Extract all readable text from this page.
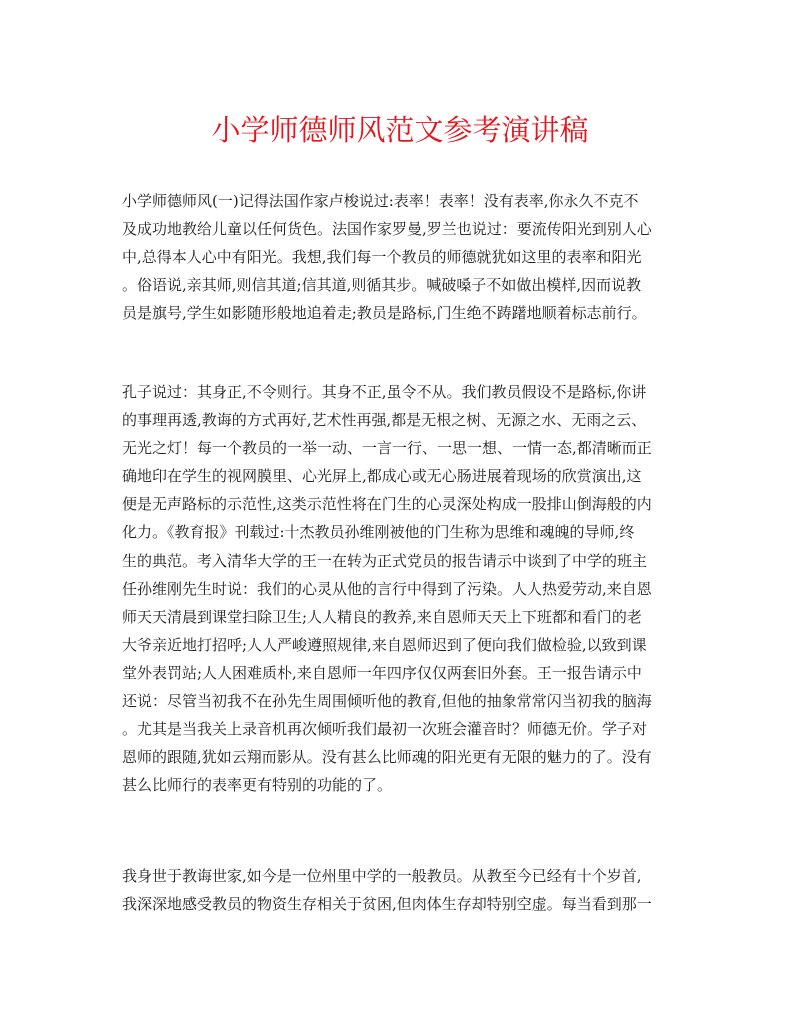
小学师德师风范文参考演讲稿
小学师德师风(一)记得法国作家卢梭说过:表率！表率！没有表率,你永久不克不
及成功地教给儿童以任何货色。法国作家罗曼,罗兰也说过：要流传阳光到别人心
中,总得本人心中有阳光。我想,我们每一个教员的师德就犹如这里的表率和阳光
。俗语说,亲其师,则信其道;信其道,则循其步。喊破嗓子不如做出模样,因而说教
员是旗号,学生如影随形般地追着走;教员是路标,门生绝不踌躇地顺着标志前行。
孔子说过：其身正,不令则行。其身不正,虽令不从。我们教员假设不是路标,你讲
的事理再透,教诲的方式再好,艺术性再强,都是无根之树、无源之水、无雨之云、
无光之灯！每一个教员的一举一动、一言一行、一思一想、一情一态,都清晰而正
确地印在学生的视网膜里、心光屏上,都成心或无心肠进展着现场的欣赏演出,这
便是无声路标的示范性,这类示范性将在门生的心灵深处构成一股排山倒海般的内
化力。《教育报》刊载过:十杰教员孙维刚被他的门生称为思维和魂魄的导师,终
生的典范。考入清华大学的王一在转为正式党员的报告请示中谈到了中学的班主
任孙维刚先生时说：我们的心灵从他的言行中得到了污染。人人热爱劳动,来自恩
师天天清晨到课堂扫除卫生;人人精良的教养,来自恩师天天上下班都和看门的老
大爷亲近地打招呼;人人严峻遵照规律,来自恩师迟到了便向我们做检验,以致到课
堂外表罚站;人人困难质朴,来自恩师一年四序仅仅两套旧外套。王一报告请示中
还说：尽管当初我不在孙先生周围倾听他的教育,但他的抽象常常闪当初我的脑海
。尤其是当我关上录音机再次倾听我们最初一次班会灌音时？师德无价。学子对
恩师的跟随,犹如云翔而影从。没有甚么比师魂的阳光更有无限的魅力的了。没有
甚么比师行的表率更有特别的功能的了。
我身世于教诲世家,如今是一位州里中学的一般教员。从教至今已经有十个岁首,
我深深地感受教员的物资生存相关于贫困,但肉体生存却特别空虚。每当看到那一
